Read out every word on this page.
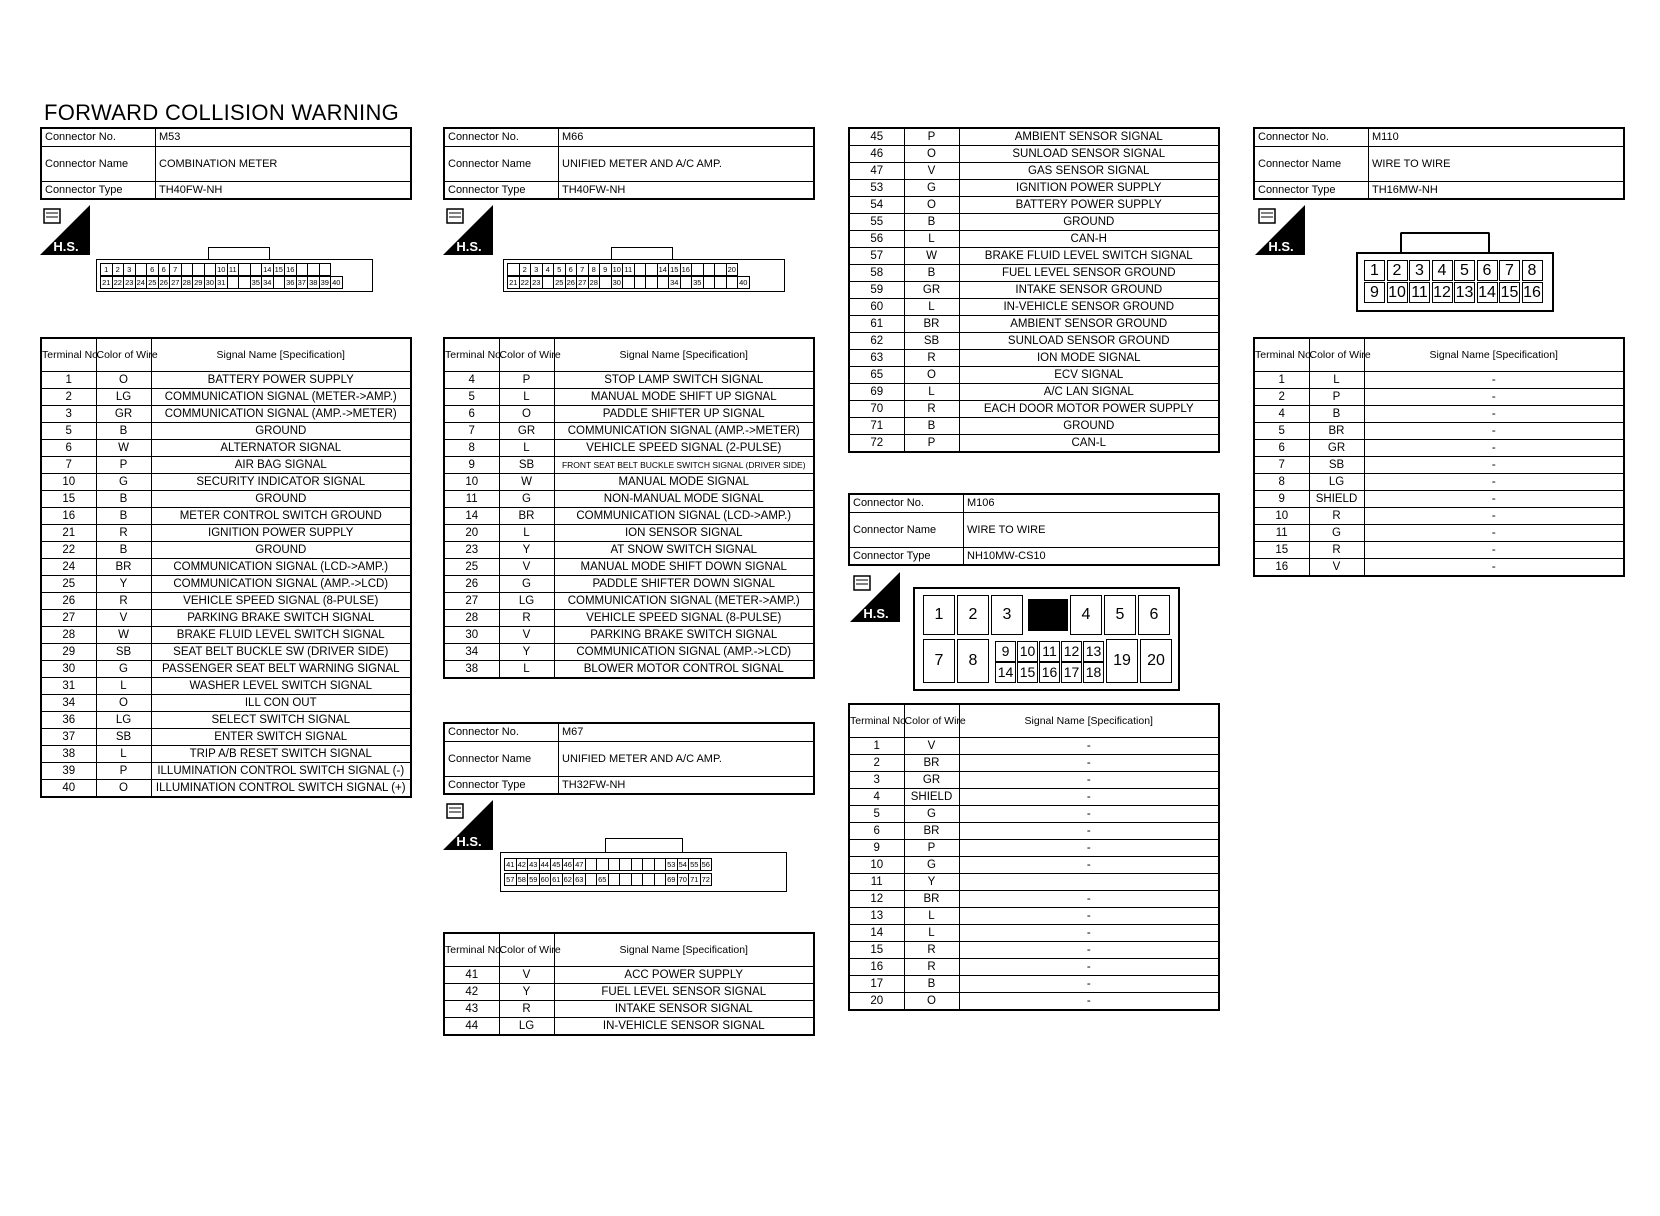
FORWARD COLLISION WARNING
Connector No.	M53
Connector Name	COMBINATION METER
Connector Type	TH40FW-NH
H.S.
1 2 3	6 6 7	10 11	14 15 16
21 22 23 24 25 26 27 28 29 30 31	35 34 36 37 38 39 40
Terminal No.	Color of Wire	Signal Name [Specification]
1	O	BATTERY POWER SUPPLY
2	LG	COMMUNICATION SIGNAL (METER->AMP.)
3	GR	COMMUNICATION SIGNAL (AMP.->METER)
5	B	GROUND
6	W	ALTERNATOR SIGNAL
7	P	AIR BAG SIGNAL
10	G	SECURITY INDICATOR SIGNAL
15	B	GROUND
16	B	METER CONTROL SWITCH GROUND
21	R	IGNITION POWER SUPPLY
22	B	GROUND
24	BR	COMMUNICATION SIGNAL (LCD->AMP.)
25	Y	COMMUNICATION SIGNAL (AMP.->LCD)
26	R	VEHICLE SPEED SIGNAL (8-PULSE)
27	V	PARKING BRAKE SWITCH SIGNAL
28	W	BRAKE FLUID LEVEL SWITCH SIGNAL
29	SB	SEAT BELT BUCKLE SW (DRIVER SIDE)
30	G	PASSENGER SEAT BELT WARNING SIGNAL
31	L	WASHER LEVEL SWITCH SIGNAL
34	O	ILL CON OUT
36	LG	SELECT SWITCH SIGNAL
37	SB	ENTER SWITCH SIGNAL
38	L	TRIP A/B RESET SWITCH SIGNAL
39	P	ILLUMINATION CONTROL SWITCH SIGNAL (-)
40	O	ILLUMINATION CONTROL SWITCH SIGNAL (+)
Connector No.	M66
Connector Name	UNIFIED METER AND A/C AMP.
Connector Type	TH40FW-NH
H.S.
2 3 4 5 6 7 8 9 10 11	14 15 16	20
21 22 23 25 26 27 28 30	34 35	40
Terminal No.	Color of Wire	Signal Name [Specification]
4	P	STOP LAMP SWITCH SIGNAL
5	L	MANUAL MODE SHIFT UP SIGNAL
6	O	PADDLE SHIFTER UP SIGNAL
7	GR	COMMUNICATION SIGNAL (AMP.->METER)
8	L	VEHICLE SPEED SIGNAL (2-PULSE)
9	SB	FRONT SEAT BELT BUCKLE SWITCH SIGNAL (DRIVER SIDE)
10	W	MANUAL MODE SIGNAL
11	G	NON-MANUAL MODE SIGNAL
14	BR	COMMUNICATION SIGNAL (LCD->AMP.)
20	L	ION SENSOR SIGNAL
23	Y	AT SNOW SWITCH SIGNAL
25	V	MANUAL MODE SHIFT DOWN SIGNAL
26	G	PADDLE SHIFTER DOWN SIGNAL
27	LG	COMMUNICATION SIGNAL (METER->AMP.)
28	R	VEHICLE SPEED SIGNAL (8-PULSE)
30	V	PARKING BRAKE SWITCH SIGNAL
34	Y	COMMUNICATION SIGNAL (AMP.->LCD)
38	L	BLOWER MOTOR CONTROL SIGNAL
Connector No.	M67
Connector Name	UNIFIED METER AND A/C AMP.
Connector Type	TH32FW-NH
H.S.
41 42 43 44 45 46 47	53 54 55 56
57 58 59 60 61 62 63 65	69 70 71 72
Terminal No.	Color of Wire	Signal Name [Specification]
41	V	ACC POWER SUPPLY
42	Y	FUEL LEVEL SENSOR SIGNAL
43	R	INTAKE SENSOR SIGNAL
44	LG	IN-VEHICLE SENSOR SIGNAL
45	P	AMBIENT SENSOR SIGNAL
46	O	SUNLOAD SENSOR SIGNAL
47	V	GAS SENSOR SIGNAL
53	G	IGNITION POWER SUPPLY
54	O	BATTERY POWER SUPPLY
55	B	GROUND
56	L	CAN-H
57	W	BRAKE FLUID LEVEL SWITCH SIGNAL
58	B	FUEL LEVEL SENSOR GROUND
59	GR	INTAKE SENSOR GROUND
60	L	IN-VEHICLE SENSOR GROUND
61	BR	AMBIENT SENSOR GROUND
62	SB	SUNLOAD SENSOR GROUND
63	R	ION MODE SIGNAL
65	O	ECV SIGNAL
69	L	A/C LAN SIGNAL
70	R	EACH DOOR MOTOR POWER SUPPLY
71	B	GROUND
72	P	CAN-L
Connector No.	M106
Connector Name	WIRE TO WIRE
Connector Type	NH10MW-CS10
H.S.	1	2	3	4	5	6
7	8
9 10 11 12 13
14 15 16 17 18
19	20
Terminal No.	Color of Wire	Signal Name [Specification]
1	V	-
2	BR	-
3	GR	-
4	SHIELD	-
5	G	-
6	BR	-
9	P	-
10	G	-
11	Y	
12	BR	-
13	L	-
14	L	-
15	R	-
16	R	-
17	B	-
20	O	-
Connector No.	M110
Connector Name	WIRE TO WIRE
Connector Type	TH16MW-NH
H.S.
1 2 3 4 5 6 7 8
9 10 11 12 13 14 15 16
Terminal No.	Color of Wire	Signal Name [Specification]
1	L	-
2	P	-
4	B	-
5	BR	-
6	GR	-
7	SB	-
8	LG	-
9	SHIELD	-
10	R	-
11	G	-
15	R	-
16	V	-
